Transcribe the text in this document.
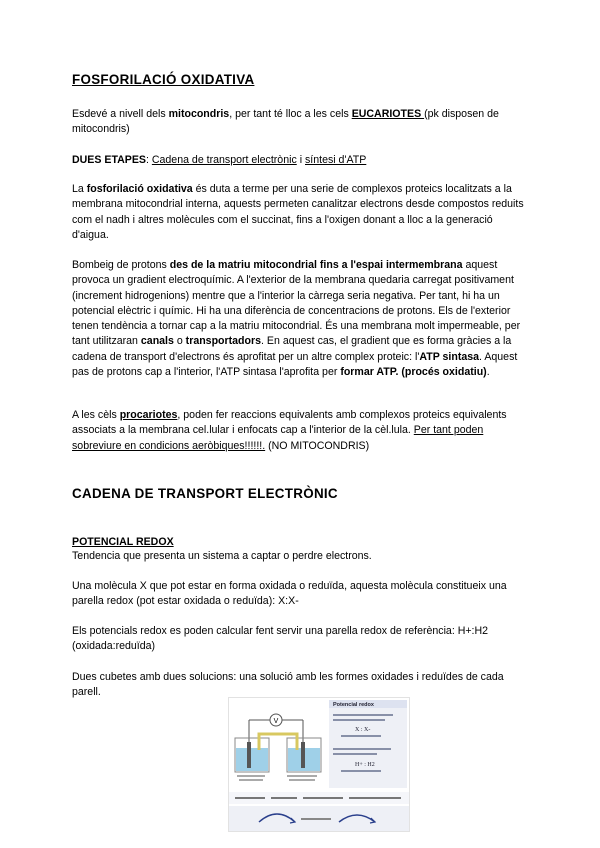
FOSFORILACIÓ OXIDATIVA

Esdevé a nivell dels mitocondris, per tant té lloc a les cels EUCARIOTES (pk disposen de mitocondris)

DUES ETAPES: Cadena de transport electrònic i síntesi d'ATP

La fosforilació oxidativa és duta a terme per una serie de complexos proteics localitzats a la membrana mitocondrial interna, aquests permeten canalitzar electrons desde compostos reduits com el nadh i altres molècules com el succinat, fins a l'oxigen donant a lloc a la generació d'aigua.

Bombeig de protons des de la matriu mitocondrial fins a l'espai intermembrana aquest provoca un gradient electroquímic. A l'exterior de la membrana quedaria carregat positivament (increment hidrogenions) mentre que a l'interior la càrrega seria negativa. Per tant, hi ha un potencial elèctric i químic. Hi ha una diferència de concentracions de protons. Els de l'exterior tenen tendència a tornar cap a la matriu mitocondrial. És una membrana molt impermeable, per tant utilitzaran canals o transportadors. En aquest cas, el gradient que es forma gràcies a la cadena de transport d'electrons és aprofitat per un altre complex proteic: l'ATP sintasa. Aquest pas de protons cap a l'interior, l'ATP sintasa l'aprofita per formar ATP. (procés oxidatiu).

A les cèls procariotes, poden fer reaccions equivalents amb complexos proteics equivalents associats a la membrana cel.lular i enfocats cap a l'interior de la cèl.lula. Per tant poden sobreviure en condicions aeròbiques!!!!!!. (NO MITOCONDRIS)

CADENA DE TRANSPORT ELECTRÒNIC

POTENCIAL REDOX

Tendencia que presenta un sistema a captar o perdre electrons.

Una molècula X que pot estar en forma oxidada o reduïda, aquesta molècula constitueix una parella redox (pot estar oxidada o reduïda): X:X-

Els potencials redox es poden calcular fent servir una parella redox de referència: H+:H2 (oxidada:reduïda)

Dues cubetes amb dues solucions: una solució amb les formes oxidades i reduïdes de cada parell.

V
Potencial redox
X : X-
H+ : H2
